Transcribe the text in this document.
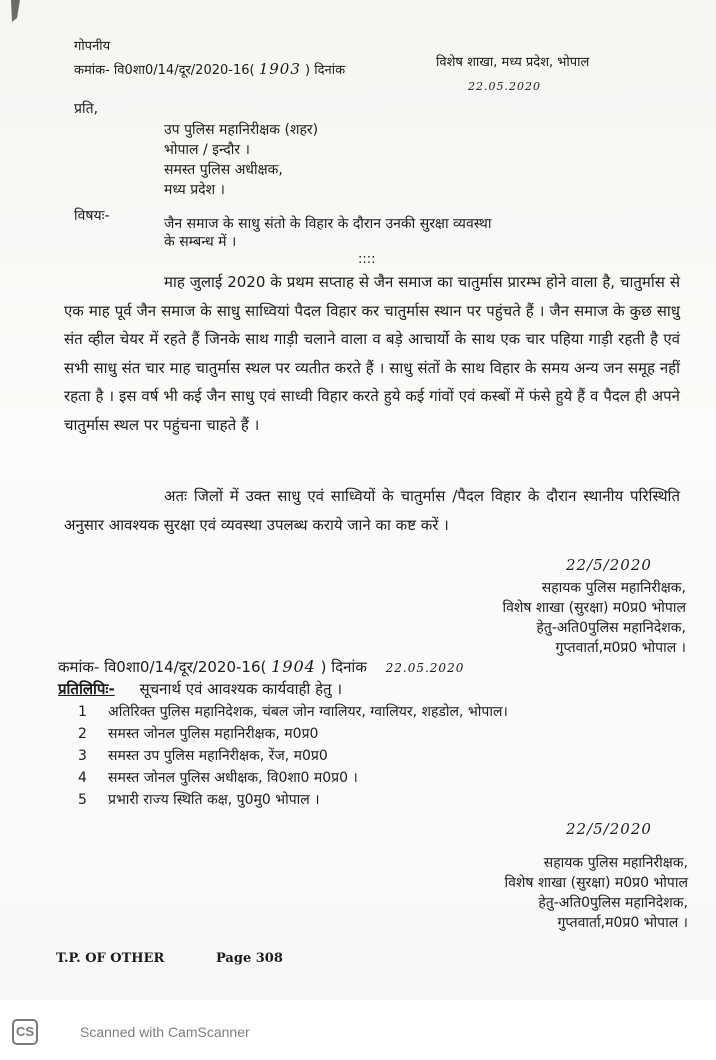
गोपनीय
कमांक- वि0शा0/14/दूर/2020-16( 1903 ) दिनांक
विशेष शाखा, मध्य प्रदेश, भोपाल
22.05.2020
प्रति,
उप पुलिस महानिरीक्षक (शहर)
भोपाल / इन्दौर ।
समस्त पुलिस अधीक्षक,
मध्य प्रदेश ।
विषयः-	जैन समाज के साधु संतो के विहार के दौरान उनकी सुरक्षा व्यवस्था
के सम्बन्ध में ।
::::
माह जुलाई 2020 के प्रथम सप्ताह से जैन समाज का चातुर्मास प्रारम्भ होने वाला है, चातुर्मास से एक माह पूर्व जैन समाज के साधु साध्वियां पैदल विहार कर चातुर्मास स्थान पर पहुंचते हैं । जैन समाज के कुछ साधु संत व्हील चेयर में रहते हैं जिनके साथ गाड़ी चलाने वाला व बड़े आचार्यो के साथ एक चार पहिया गाड़ी रहती है एवं सभी साधु संत चार माह चातुर्मास स्थल पर व्यतीत करते हैं । साधु संतों के साथ विहार के समय अन्य जन समूह नहीं रहता है । इस वर्ष भी कई जैन साधु एवं साध्वी विहार करते हुये कई गांवों एवं कस्बों में फंसे हुये हैं व पैदल ही अपने चातुर्मास स्थल पर पहुंचना चाहते हैं ।
अतः जिलों में उक्त साधु एवं साध्वियों के चातुर्मास /पैदल विहार के दौरान स्थानीय परिस्थिति अनुसार आवश्यक सुरक्षा एवं व्यवस्था उपलब्ध कराये जाने का कष्ट करें ।
22/5/2020
सहायक पुलिस महानिरीक्षक,
विशेष शाखा (सुरक्षा) म0प्र0 भोपाल
हेतु-अति0पुलिस महानिदेशक,
गुप्तवार्ता,म0प्र0 भोपाल ।
कमांक- वि0शा0/14/दूर/2020-16( 1904 ) दिनांक 22.05.2020
प्रतिलिपिः- सूचनार्थ एवं आवश्यक कार्यवाही हेतु ।
1 अतिरिक्त पुलिस महानिदेशक, चंबल जोन ग्वालियर, ग्वालियर, शहडोल, भोपाल।
2 समस्त जोनल पुलिस महानिरीक्षक, म0प्र0
3 समस्त उप पुलिस महानिरीक्षक, रेंज, म0प्र0
4 समस्त जोनल पुलिस अधीक्षक, वि0शा0 म0प्र0 ।
5 प्रभारी राज्य स्थिति कक्ष, पु0मु0 भोपाल ।
22/5/2020
सहायक पुलिस महानिरीक्षक,
विशेष शाखा (सुरक्षा) म0प्र0 भोपाल
हेतु-अति0पुलिस महानिदेशक,
गुप्तवार्ता,म0प्र0 भोपाल ।
T.P. OF OTHER	Page 308
CS	Scanned with CamScanner
